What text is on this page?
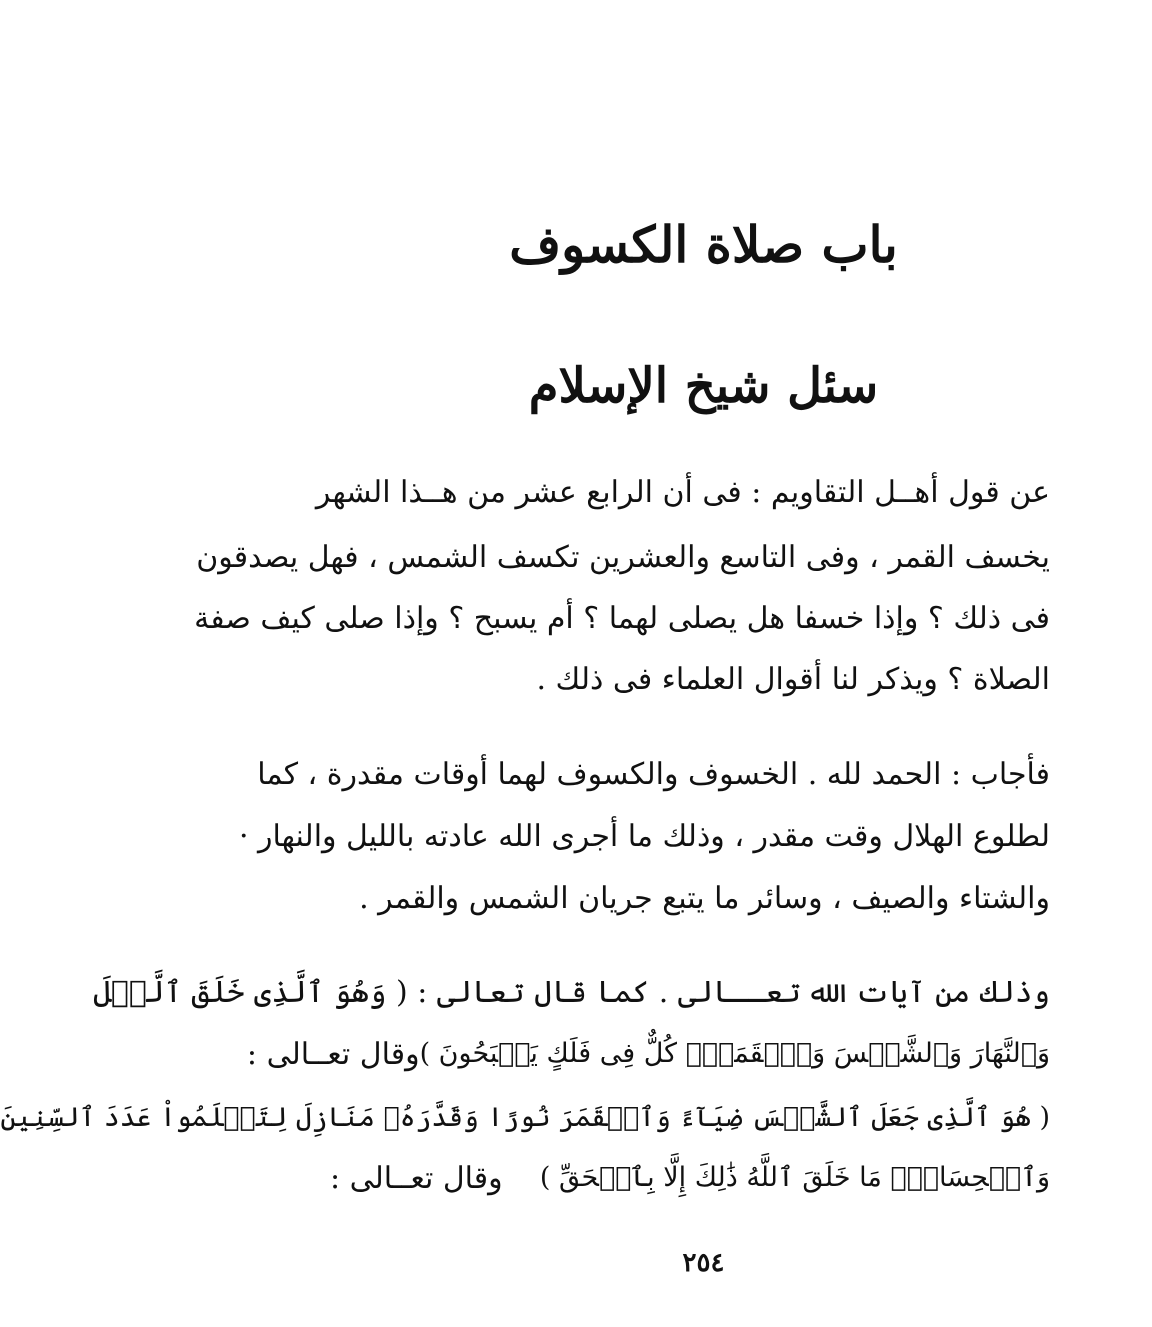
باب صلاة الكسوف
سئل شيخ الإسلام
عن قول أهــل التقاويم : فى أن الرابع عشر من هــذا الشهر
يخسف القمر ، وفى التاسع والعشرين تكسف الشمس ، فهل يصدقون
فى ذلك ؟ وإذا خسفا هل يصلى لهما ؟ أم يسبح ؟ وإذا صلى كيف صفة
الصلاة ؟ ويذكر لنا أقوال العلماء فى ذلك .
فأجاب : الحمد لله . الخسوف والكسوف لهما أوقات مقدرة ، كما
لطلوع الهلال وقت مقدر ، وذلك ما أجرى الله عادته بالليل والنهار ·
والشتاء والصيف ، وسائر ما يتبع جريان الشمس والقمر .
وذلك من آيات الله تعــالى . كما قال تعالى : ( وَهُوَ ٱلَّذِى خَلَقَ ٱلَّيۡلَ
وَٱلنَّهَارَ وَٱلشَّمۡسَ وَٱلۡقَمَرَۖ كُلٌّ فِى فَلَكٍ يَسۡبَحُونَ )
وقال تعــالى :
( هُوَ ٱلَّذِى جَعَلَ ٱلشَّمۡسَ ضِيَآءً وَٱلۡقَمَرَ نُورًا وَقَدَّرَهُۥ مَنَازِلَ لِتَعۡلَمُواْ عَدَدَ ٱلسِّنِينَ
وَٱلۡحِسَابَۚ مَا خَلَقَ ٱللَّهُ ذَٰلِكَ إِلَّا بِٱلۡحَقِّ )
وقال تعــالى :
٢٥٤
